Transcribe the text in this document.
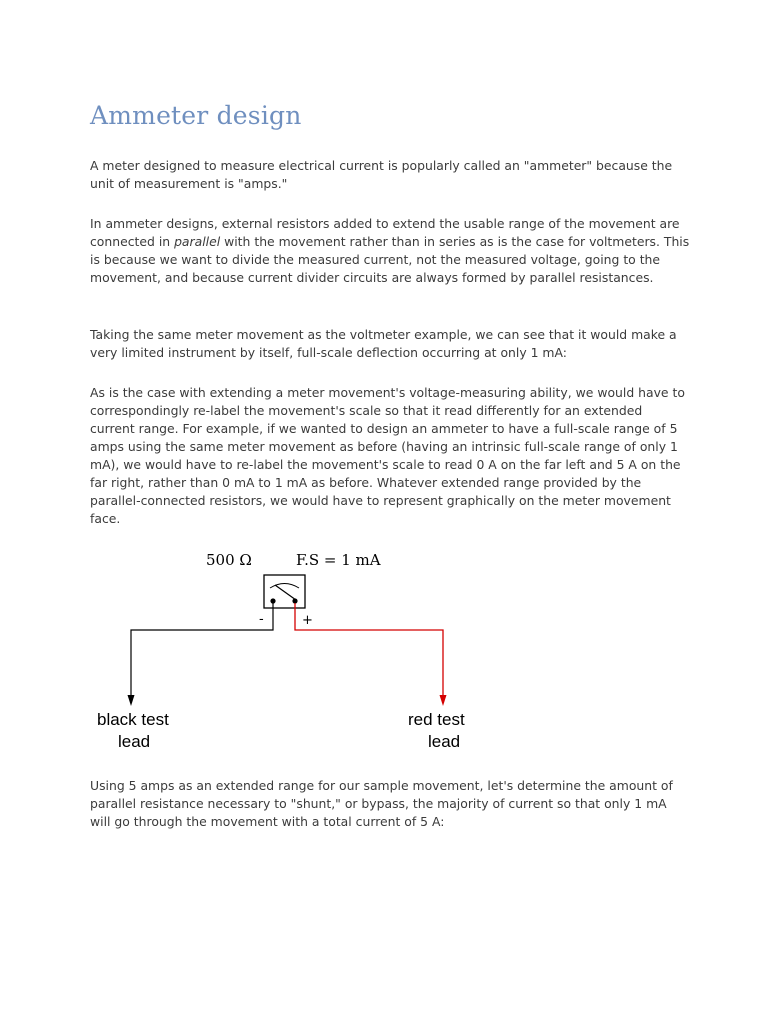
Ammeter design

A meter designed to measure electrical current is popularly called an "ammeter" because the unit of measurement is "amps."

In ammeter designs, external resistors added to extend the usable range of the movement are connected in parallel with the movement rather than in series as is the case for voltmeters. This is because we want to divide the measured current, not the measured voltage, going to the movement, and because current divider circuits are always formed by parallel resistances.

Taking the same meter movement as the voltmeter example, we can see that it would make a very limited instrument by itself, full-scale deflection occurring at only 1 mA:

As is the case with extending a meter movement's voltage-measuring ability, we would have to correspondingly re-label the movement's scale so that it read differently for an extended current range. For example, if we wanted to design an ammeter to have a full-scale range of 5 amps using the same meter movement as before (having an intrinsic full-scale range of only 1 mA), we would have to re-label the movement's scale to read 0 A on the far left and 5 A on the far right, rather than 0 mA to 1 mA as before. Whatever extended range provided by the parallel-connected resistors, we would have to represent graphically on the meter movement face.

500 Ω	F.S = 1 mA
-	+
black test
lead
red test
lead

Using 5 amps as an extended range for our sample movement, let's determine the amount of parallel resistance necessary to "shunt," or bypass, the majority of current so that only 1 mA will go through the movement with a total current of 5 A:
